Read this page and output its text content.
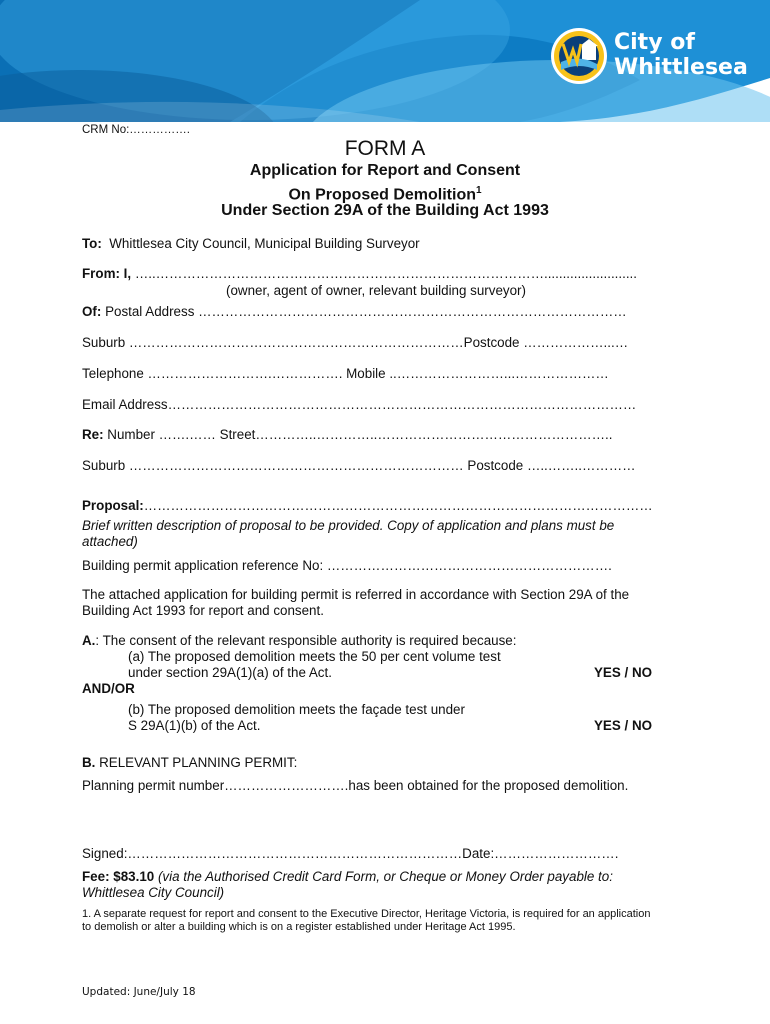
City of
Whittlesea
CRM No:…………….
FORM A
Application for Report and Consent
On Proposed Demolition$^1$
Under Section 29A of the Building Act 1993
To: Whittlesea City Council, Municipal Building Surveyor
From: I, …..…………………………………………………………………………….........................
(owner, agent of owner, relevant building surveyor)
Of: Postal Address ……………………………………………………………………………………
Suburb …………………………………………………………………Postcode ………………...…
Telephone ……………………….……………. Mobile ..……………………...…………………
Email Address……………………………………………………………………………………………
Re: Number …….…… Street…………..…………..……………………………………………..
Suburb ………………………………………………………………… Postcode …..……..…………
Proposal:……………………………………………………………………………………………………
Brief written description of proposal to be provided. Copy of application and plans must be
attached)
Building permit application reference No: ……………………………………………………….
The attached application for building permit is referred in accordance with Section 29A of the
Building Act 1993 for report and consent.
A.: The consent of the relevant responsible authority is required because:
(a) The proposed demolition meets the 50 per cent volume test
under section 29A(1)(a) of the Act.	YES / NO
AND/OR
(b) The proposed demolition meets the façade test under
S 29A(1)(b) of the Act.	YES / NO
B. RELEVANT PLANNING PERMIT:
Planning permit number……………………….has been obtained for the proposed demolition.
Signed:…………………………………………………………………Date:……………………….
Fee: $83.10 (via the Authorised Credit Card Form, or Cheque or Money Order payable to:
Whittlesea City Council)
1. A separate request for report and consent to the Executive Director, Heritage Victoria, is required for an application
to demolish or alter a building which is on a register established under Heritage Act 1995.
Updated: June/July 18
